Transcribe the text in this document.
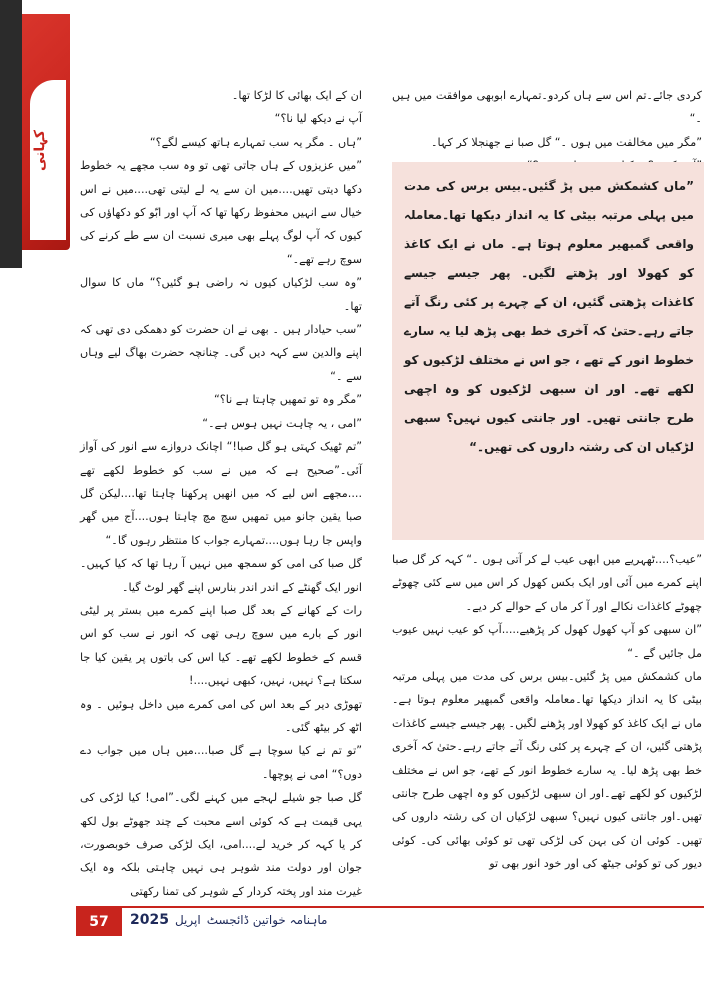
کہانی

کردی جائے۔تم اس سے ہاں کردو۔تمہارے ابوبھی موافقت میں ہیں ۔“

”مگر میں مخالفت میں ہوں ۔“ گل صبا نے جھنجلا کر کہا۔

”ماں کشمکش میں پڑ گئیں۔بیس برس کی مدت میں پہلی مرتبہ بیٹی کا یہ انداز دیکھا تھا۔معاملہ واقعی گمبھیر معلوم ہوتا ہے۔ ماں نے ایک کاغذ کو کھولا اور پڑھتے لگیں۔ پھر جیسے جیسے کاغذات پڑھتی گئیں، ان کے چہرے پر کئی رنگ آتے جاتے رہے۔حتیٰ کہ آخری خط بھی پڑھ لیا یہ سارے خطوط انور کے تھے ، جو اس نے مختلف لڑکیوں کو لکھے تھے۔ اور ان سبھی لڑکیوں کو وہ اچھی طرح جانتی تھیں۔ اور جانتی کیوں نہیں؟ سبھی لڑکیاں ان کی رشتہ داروں کی تھیں۔“

”عیب؟....ٹھہریے میں ابھی عیب لے کر آتی ہوں ۔“ کہہ کر گل صبا اپنے کمرے میں آئی اور ایک بکس کھول کر اس میں سے کئی چھوٹے چھوٹے کاغذات نکالے اور آ کر ماں کے حوالے کر دیے۔

”ان سبھی کو آپ کھول کھول کر پڑھیے.....آپ کو عیب نہیں عیوب مل جائیں گے ۔“

ماں کشمکش میں پڑ گئیں۔بیس برس کی مدت میں پہلی مرتبہ بیٹی کا یہ انداز دیکھا تھا۔معاملہ واقعی گمبھیر معلوم ہوتا ہے۔ ماں نے ایک کاغذ کو کھولا اور پڑھنے لگیں۔ پھر جیسے جیسے کاغذات پڑھتی گئیں، ان کے چہرے پر کئی رنگ آتے جاتے رہے۔حتیٰ کہ آخری خط بھی پڑھ لیا۔ یہ سارے خطوط انور کے تھے، جو اس نے مختلف لڑکیوں کو لکھے تھے۔اور ان سبھی لڑکیوں کو وہ اچھی طرح جانتی تھیں۔اور جانتی کیوں نہیں؟ سبھی لڑکیاں ان کی رشتہ داروں کی تھیں۔ کوئی ان کی بہن کی لڑکی تھی تو کوئی بھائی کی۔ کوئی دیور کی تو کوئی جیٹھ کی اور خود انور بھی تو

ان کے ایک بھائی کا لڑکا تھا۔

آپ نے دیکھ لیا نا؟“

”ہاں ۔ مگر یہ سب تمہارے ہاتھ کیسے لگے؟“

”میں عزیزوں کے ہاں جاتی تھی تو وہ سب مجھے یہ خطوط دکھا دیتی تھیں....میں ان سے یہ لے لیتی تھی....میں نے اس خیال سے انہیں محفوظ رکھا تھا کہ آپ اور ابّو کو دکھاؤں کی کیوں کہ آپ لوگ پہلے بھی میری نسبت ان سے طے کرنے کی سوچ رہے تھے۔“

”وہ سب لڑکیاں کیوں نہ راضی ہو گئیں؟“ ماں کا سوال تھا۔

”سب حیادار ہیں ۔ بھی نے ان حضرت کو دھمکی دی تھی کہ اپنے والدین سے کہہ دیں گی۔ چنانچہ حضرت بھاگ لیے وہاں سے ۔“

”مگر وہ تو تمھیں چاہتا ہے نا؟“

”امی ، یہ چاہت نہیں ہوس ہے۔“

”تم ٹھیک کہتی ہو گل صبا!“ اچانک دروازے سے انور کی آواز آئی۔”صحیح ہے کہ میں نے سب کو خطوط لکھے تھے ....مجھے اس لیے کہ میں انھیں پرکھنا چاہتا تھا....لیکن گل صبا یقین جانو میں تمھیں سچ مچ چاہتا ہوں....آج میں گھر واپس جا رہا ہوں....تمہارے جواب کا منتظر رہوں گا۔“

گل صبا کی امی کو سمجھ میں نہیں آ رہا تھا کہ کیا کہیں۔ انور ایک گھنٹے کے اندر اندر بنارس اپنے گھر لوٹ گیا۔

رات کے کھانے کے بعد گل صبا اپنے کمرے میں بستر پر لیٹی انور کے بارے میں سوچ رہی تھی کہ انور نے سب کو اس قسم کے خطوط لکھے تھے۔ کیا اس کی باتوں پر یقین کیا جا سکتا ہے؟ نہیں، نہیں، کبھی نہیں....!

تھوڑی دیر کے بعد اس کی امی کمرے میں داخل ہوئیں ۔ وہ اٹھ کر بیٹھ گئی۔

”تو تم نے کیا سوچا ہے گل صبا....میں ہاں میں جواب دے دوں؟“ امی نے پوچھا۔

گل صبا جو شیلے لہجے میں کہنے لگی۔”امی! کیا لڑکی کی یہی قیمت ہے کہ کوئی اسے محبت کے چند جھوٹے بول لکھ کر یا کہہ کر خرید لے....امی، ایک لڑکی صرف خوبصورت، جوان اور دولت مند شوہر ہی نہیں چاہتی بلکہ وہ ایک غیرت مند اور پختہ کردار کے شوہر کی تمنا رکھتی

57	2025 اپریل ماہنامہ خواتین ڈائجسٹ
